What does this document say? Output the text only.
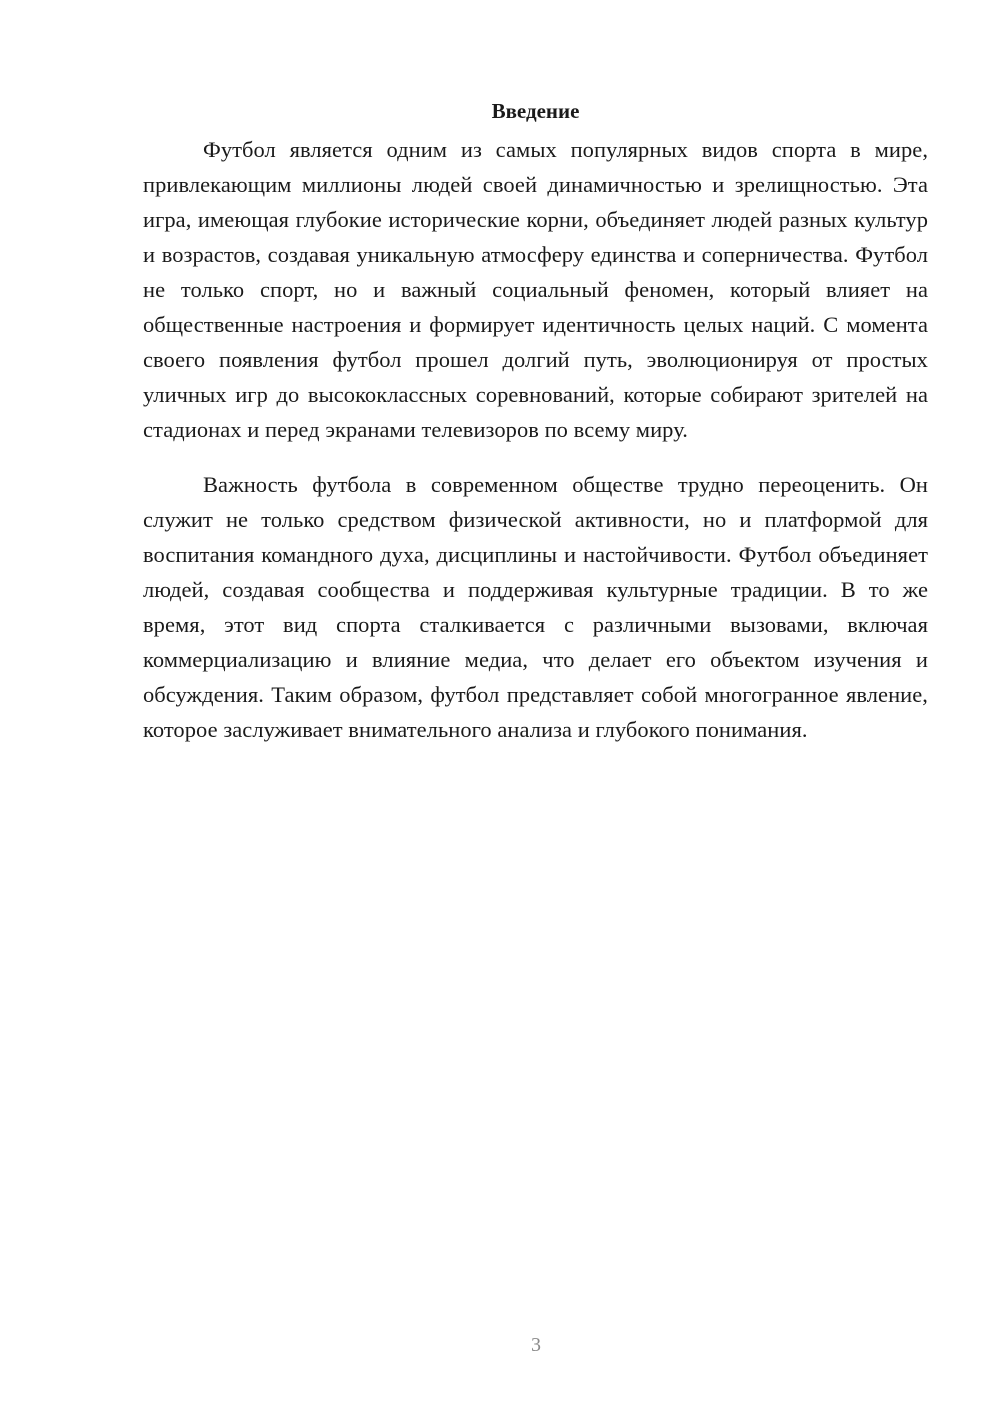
Введение

Футбол является одним из самых популярных видов спорта в мире, привлекающим миллионы людей своей динамичностью и зрелищностью. Эта игра, имеющая глубокие исторические корни, объединяет людей разных культур и возрастов, создавая уникальную атмосферу единства и соперничества. Футбол не только спорт, но и важный социальный феномен, который влияет на общественные настроения и формирует идентичность целых наций. С момента своего появления футбол прошел долгий путь, эволюционируя от простых уличных игр до высококлассных соревнований, которые собирают зрителей на стадионах и перед экранами телевизоров по всему миру.

Важность футбола в современном обществе трудно переоценить. Он служит не только средством физической активности, но и платформой для воспитания командного духа, дисциплины и настойчивости. Футбол объединяет людей, создавая сообщества и поддерживая культурные традиции. В то же время, этот вид спорта сталкивается с различными вызовами, включая коммерциализацию и влияние медиа, что делает его объектом изучения и обсуждения. Таким образом, футбол представляет собой многогранное явление, которое заслуживает внимательного анализа и глубокого понимания.

3
